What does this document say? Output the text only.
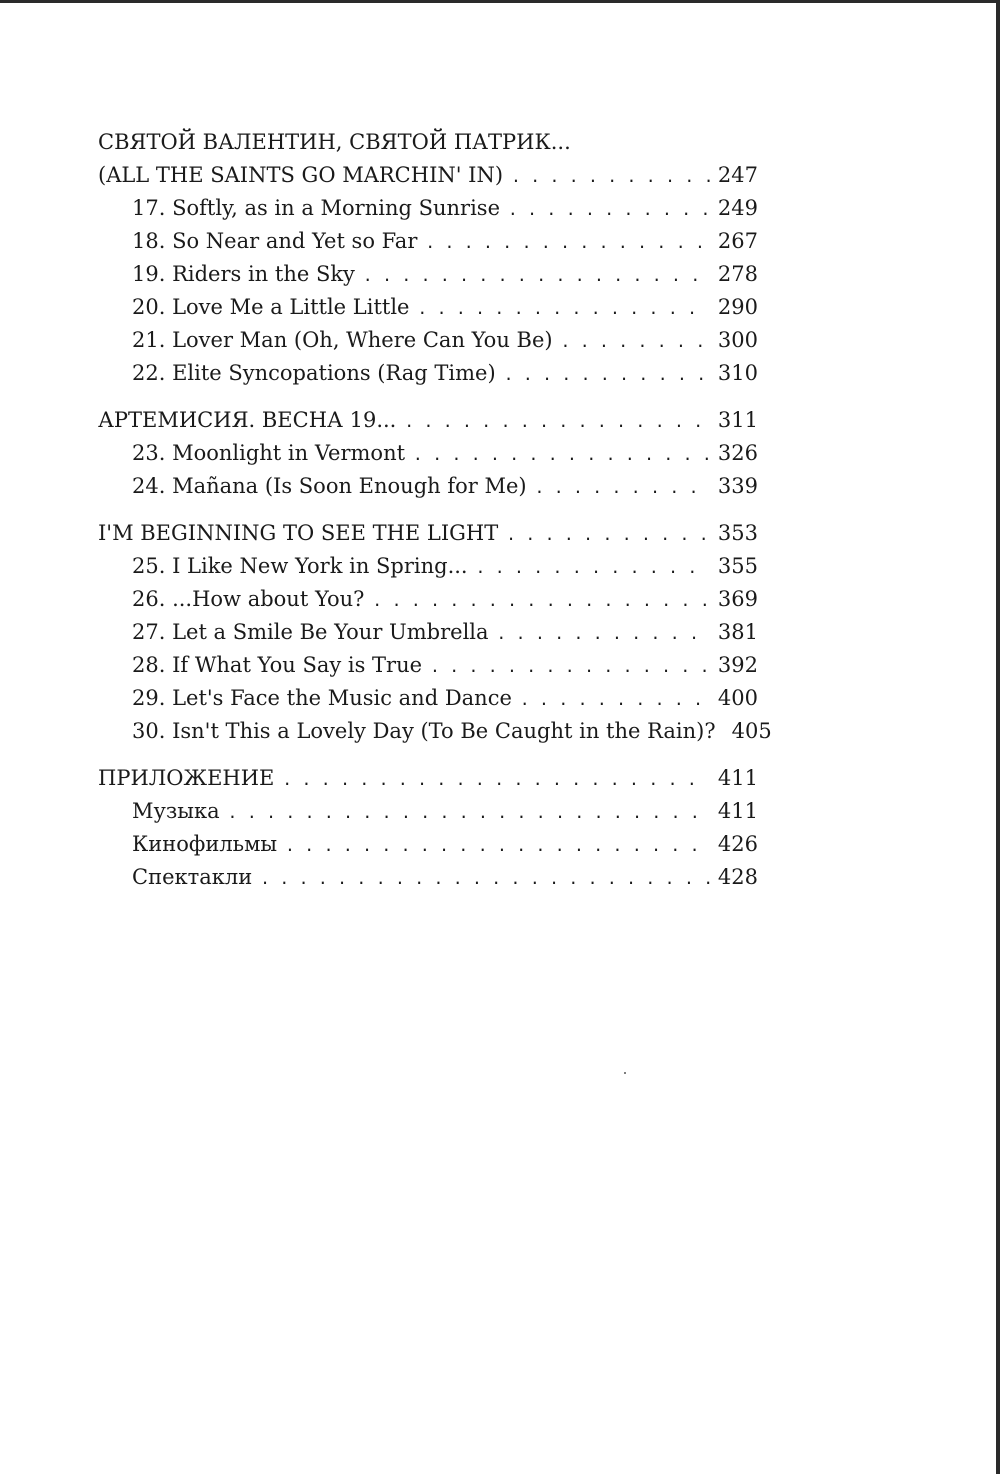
СВЯТОЙ ВАЛЕНТИН, СВЯТОЙ ПАТРИК...
(ALL THE SAINTS GO MARCHIN' IN) . . .	247
17. Softly, as in a Morning Sunrise . . .	249
18. So Near and Yet so Far . . .	267
19. Riders in the Sky . . .	278
20. Love Me a Little Little . . .	290
21. Lover Man (Oh, Where Can You Be) . . .	300
22. Elite Syncopations (Rag Time) . . .	310
АРТЕМИСИЯ. ВЕСНА 19... . . .	311
23. Moonlight in Vermont . . .	326
24. Mañana (Is Soon Enough for Me) . . .	339
I'M BEGINNING TO SEE THE LIGHT . . .	353
25. I Like New York in Spring... . . .	355
26. ...How about You? . . .	369
27. Let a Smile Be Your Umbrella . . .	381
28. If What You Say is True . . .	392
29. Let's Face the Music and Dance . . .	400
30. Isn't This a Lovely Day (To Be Caught in the Rain)? 405
ПРИЛОЖЕНИЕ . . .	411
Музыка . . .	411
Кинофильмы . . .	426
Спектакли . . .	428
